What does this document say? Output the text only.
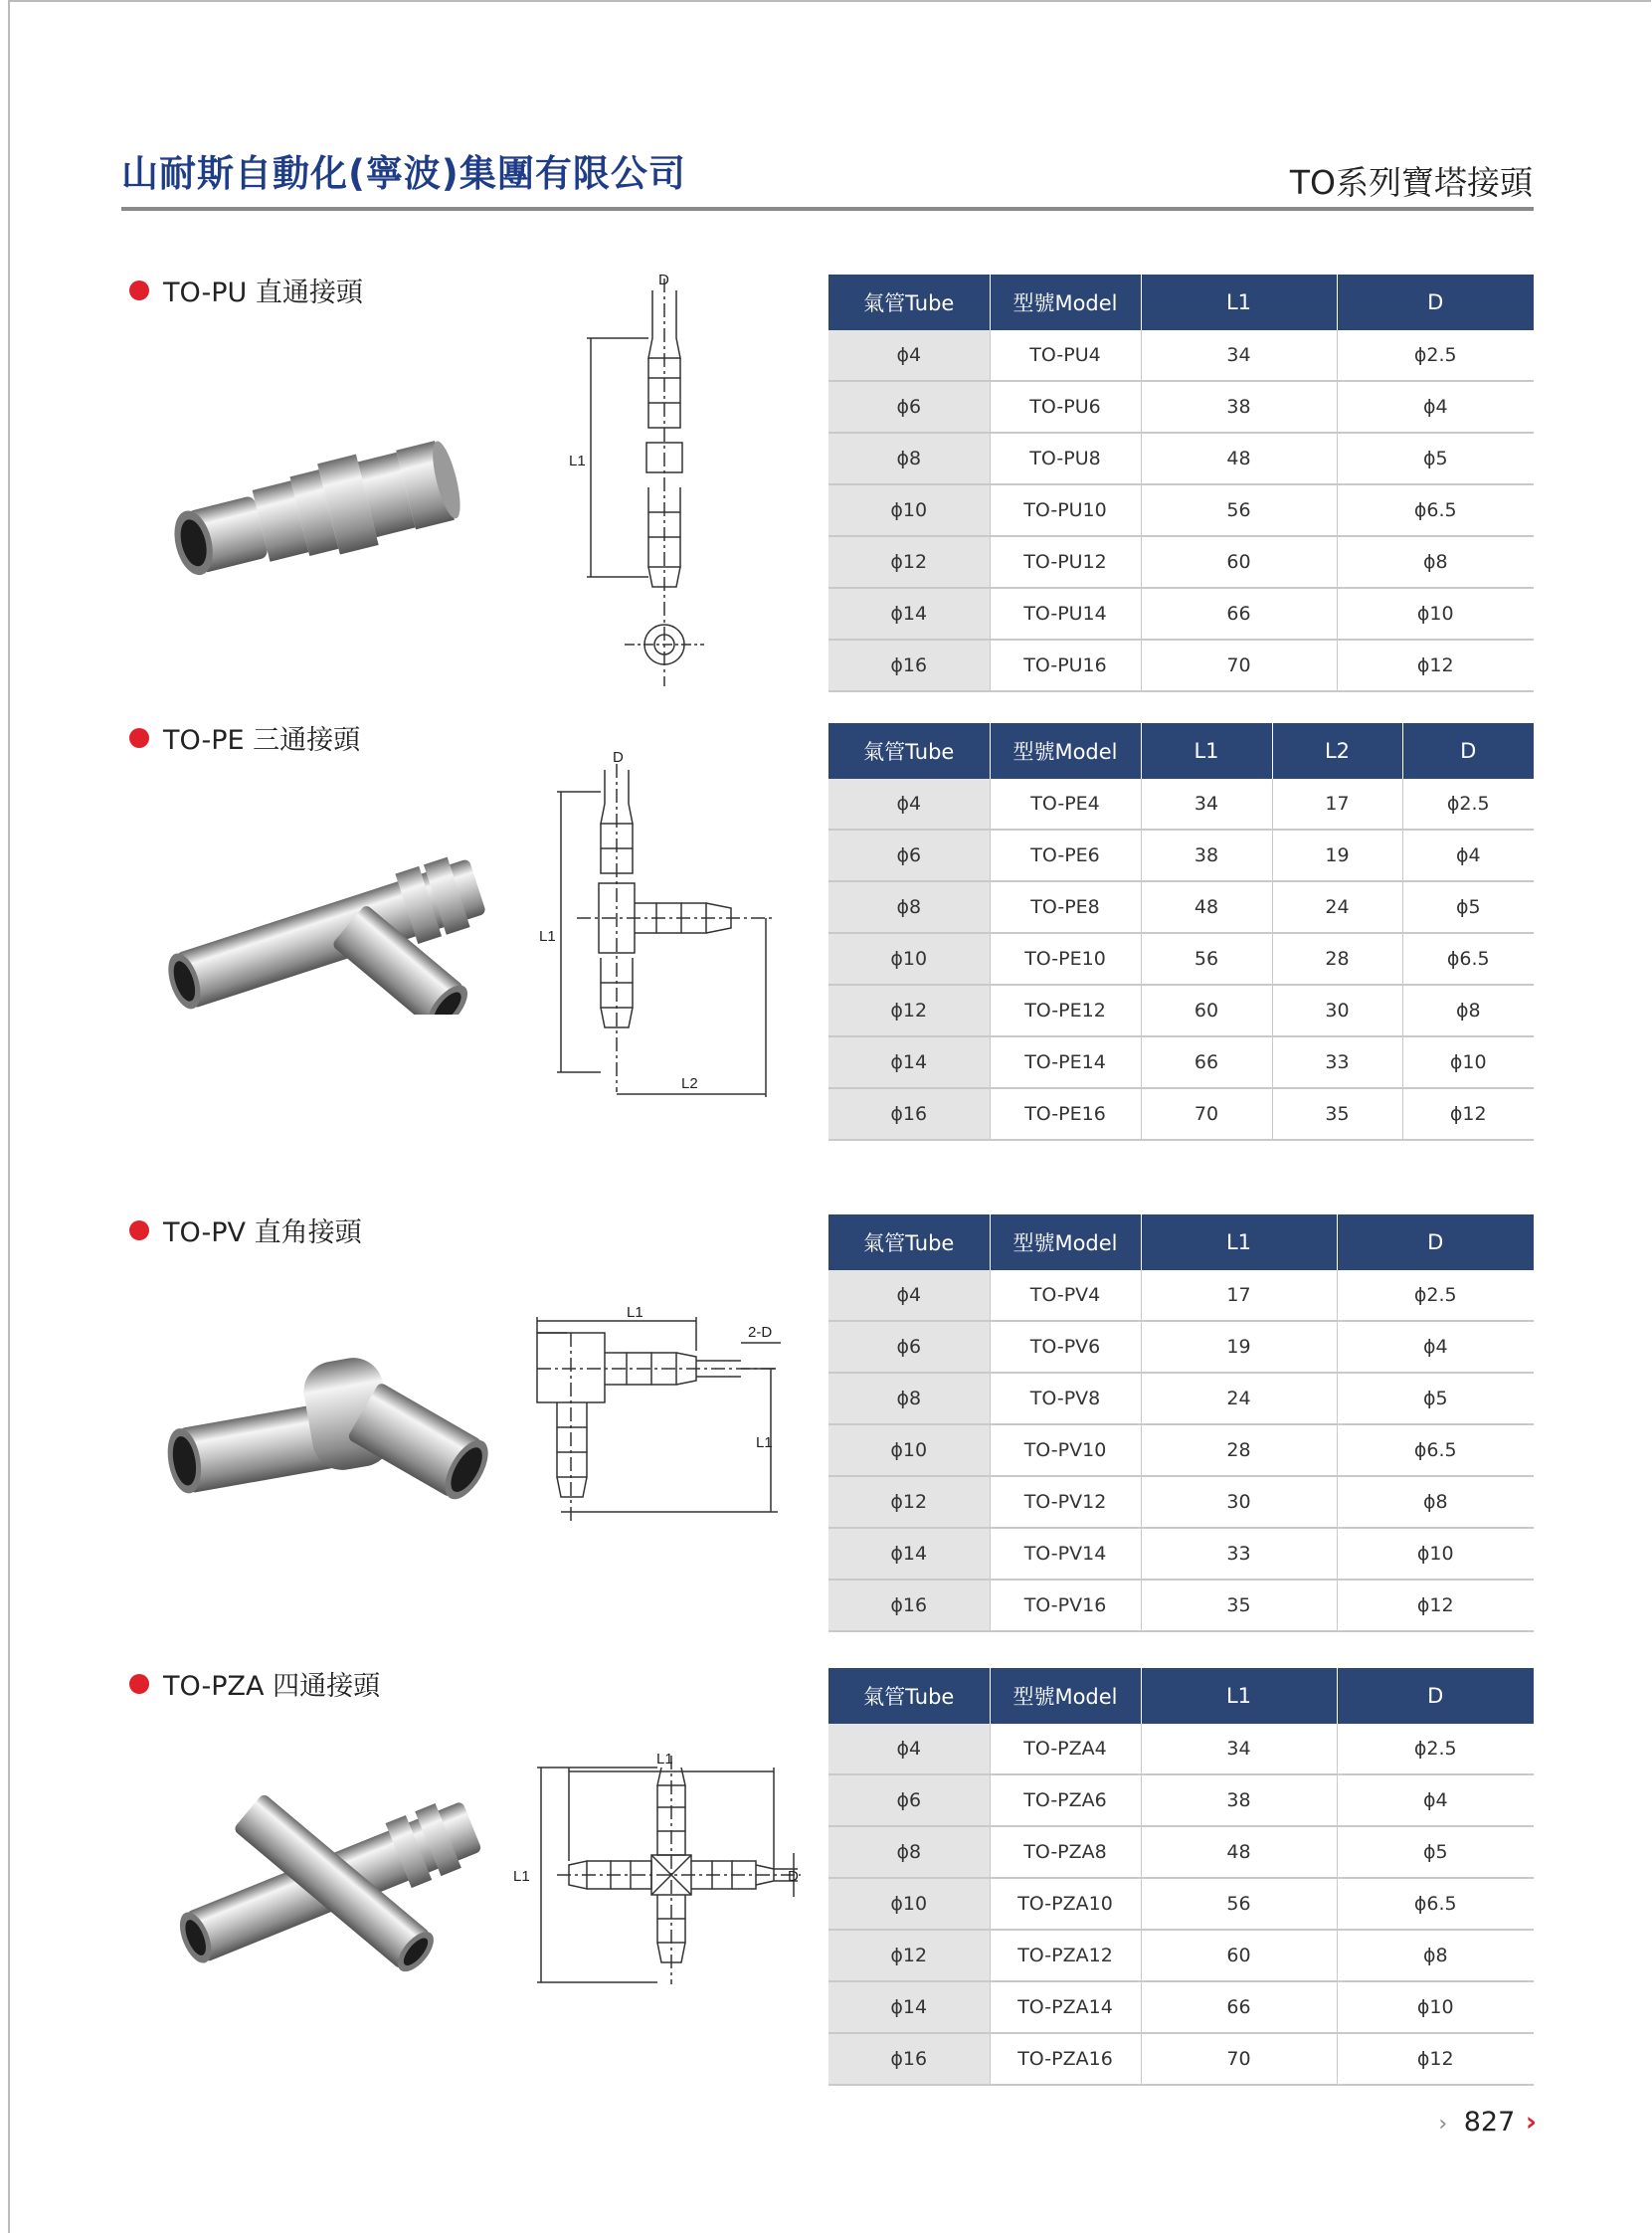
山耐斯自動化(寧波)集團有限公司	TO系列寶塔接頭
TO-PU 直通接頭	D
L1
氣管Tube	型號Model	L1	D
ϕ4	TO-PU4	34	ϕ2.5
ϕ6	TO-PU6	38	ϕ4
ϕ8	TO-PU8	48	ϕ5
ϕ10	TO-PU10	56	ϕ6.5
ϕ12	TO-PU12	60	ϕ8
ϕ14	TO-PU14	66	ϕ10
ϕ16	TO-PU16	70	ϕ12
TO-PE 三通接頭
D
L1
L2
氣管Tube	型號Model	L1	L2	D
ϕ4	TO-PE4	34	17	ϕ2.5
ϕ6	TO-PE6	38	19	ϕ4
ϕ8	TO-PE8	48	24	ϕ5
ϕ10	TO-PE10	56	28	ϕ6.5
ϕ12	TO-PE12	60	30	ϕ8
ϕ14	TO-PE14	66	33	ϕ10
ϕ16	TO-PE16	70	35	ϕ12
TO-PV 直角接頭
L1
2-D
L1
氣管Tube	型號Model	L1	D
ϕ4	TO-PV4	17	ϕ2.5
ϕ6	TO-PV6	19	ϕ4
ϕ8	TO-PV8	24	ϕ5
ϕ10	TO-PV10	28	ϕ6.5
ϕ12	TO-PV12	30	ϕ8
ϕ14	TO-PV14	33	ϕ10
ϕ16	TO-PV16	35	ϕ12
TO-PZA 四通接頭
L1
L1	D
氣管Tube	型號Model	L1	D
ϕ4	TO-PZA4	34	ϕ2.5
ϕ6	TO-PZA6	38	ϕ4
ϕ8	TO-PZA8	48	ϕ5
ϕ10	TO-PZA10	56	ϕ6.5
ϕ12	TO-PZA12	60	ϕ8
ϕ14	TO-PZA14	66	ϕ10
ϕ16	TO-PZA16	70	ϕ12
› 827 ›
